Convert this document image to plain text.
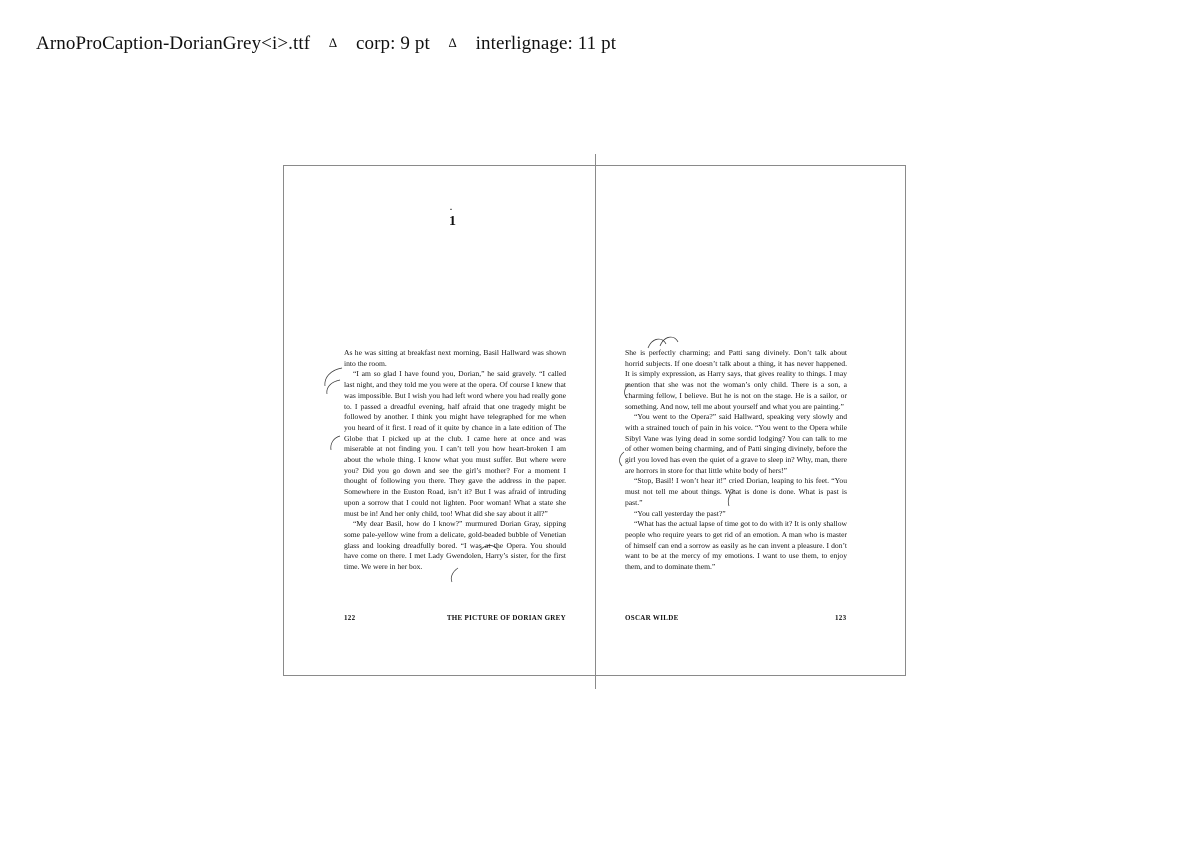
ArnoProCaption-DorianGrey<i>.ttf ∆ corp: 9 pt ∆ interlignage: 11 pt
·
1

As he was sitting at breakfast next morning, Basil Hallward was shown into the room.

“I am so glad I have found you, Dorian,” he said gravely. “I called last night, and they told me you were at the opera. Of course I knew that was impossible. But I wish you had left word where you had really gone to. I passed a dreadful evening, half afraid that one tragedy might be followed by another. I think you might have telegraphed for me when you heard of it first. I read of it quite by chance in a late edition of The Globe that I picked up at the club. I came here at once and was miserable at not finding you. I can’t tell you how heart-broken I am about the whole thing. I know what you must suffer. But where were you? Did you go down and see the girl’s mother? For a moment I thought of following you there. They gave the address in the paper. Somewhere in the Euston Road, isn’t it? But I was afraid of intruding upon a sorrow that I could not lighten. Poor woman! What a state she must be in! And her only child, too! What did she say about it all?”

“My dear Basil, how do I know?” murmured Dorian Gray, sipping some pale-yellow wine from a delicate, gold-beaded bubble of Venetian glass and looking dreadfully bored. “I was at the Opera. You should have come on there. I met Lady Gwendolen, Harry’s sister, for the first time. We were in her box.

She is perfectly charming; and Patti sang divinely. Don’t talk about horrid subjects. If one doesn’t talk about a thing, it has never happened. It is simply expression, as Harry says, that gives reality to things. I may mention that she was not the woman’s only child. There is a son, a charming fellow, I believe. But he is not on the stage. He is a sailor, or something. And now, tell me about yourself and what you are painting.”

“You went to the Opera?” said Hallward, speaking very slowly and with a strained touch of pain in his voice. “You went to the Opera while Sibyl Vane was lying dead in some sordid lodging? You can talk to me of other women being charming, and of Patti singing divinely, before the girl you loved has even the quiet of a grave to sleep in? Why, man, there are horrors in store for that little white body of hers!”

“Stop, Basil! I won’t hear it!” cried Dorian, leaping to his feet. “You must not tell me about things. What is done is done. What is past is past.”

“You call yesterday the past?”

“What has the actual lapse of time got to do with it? It is only shallow people who require years to get rid of an emotion. A man who is master of himself can end a sorrow as easily as he can invent a pleasure. I don’t want to be at the mercy of my emotions. I want to use them, to enjoy them, and to dominate them.”

122	THE PICTURE OF DORIAN GREY	OSCAR WILDE	123
